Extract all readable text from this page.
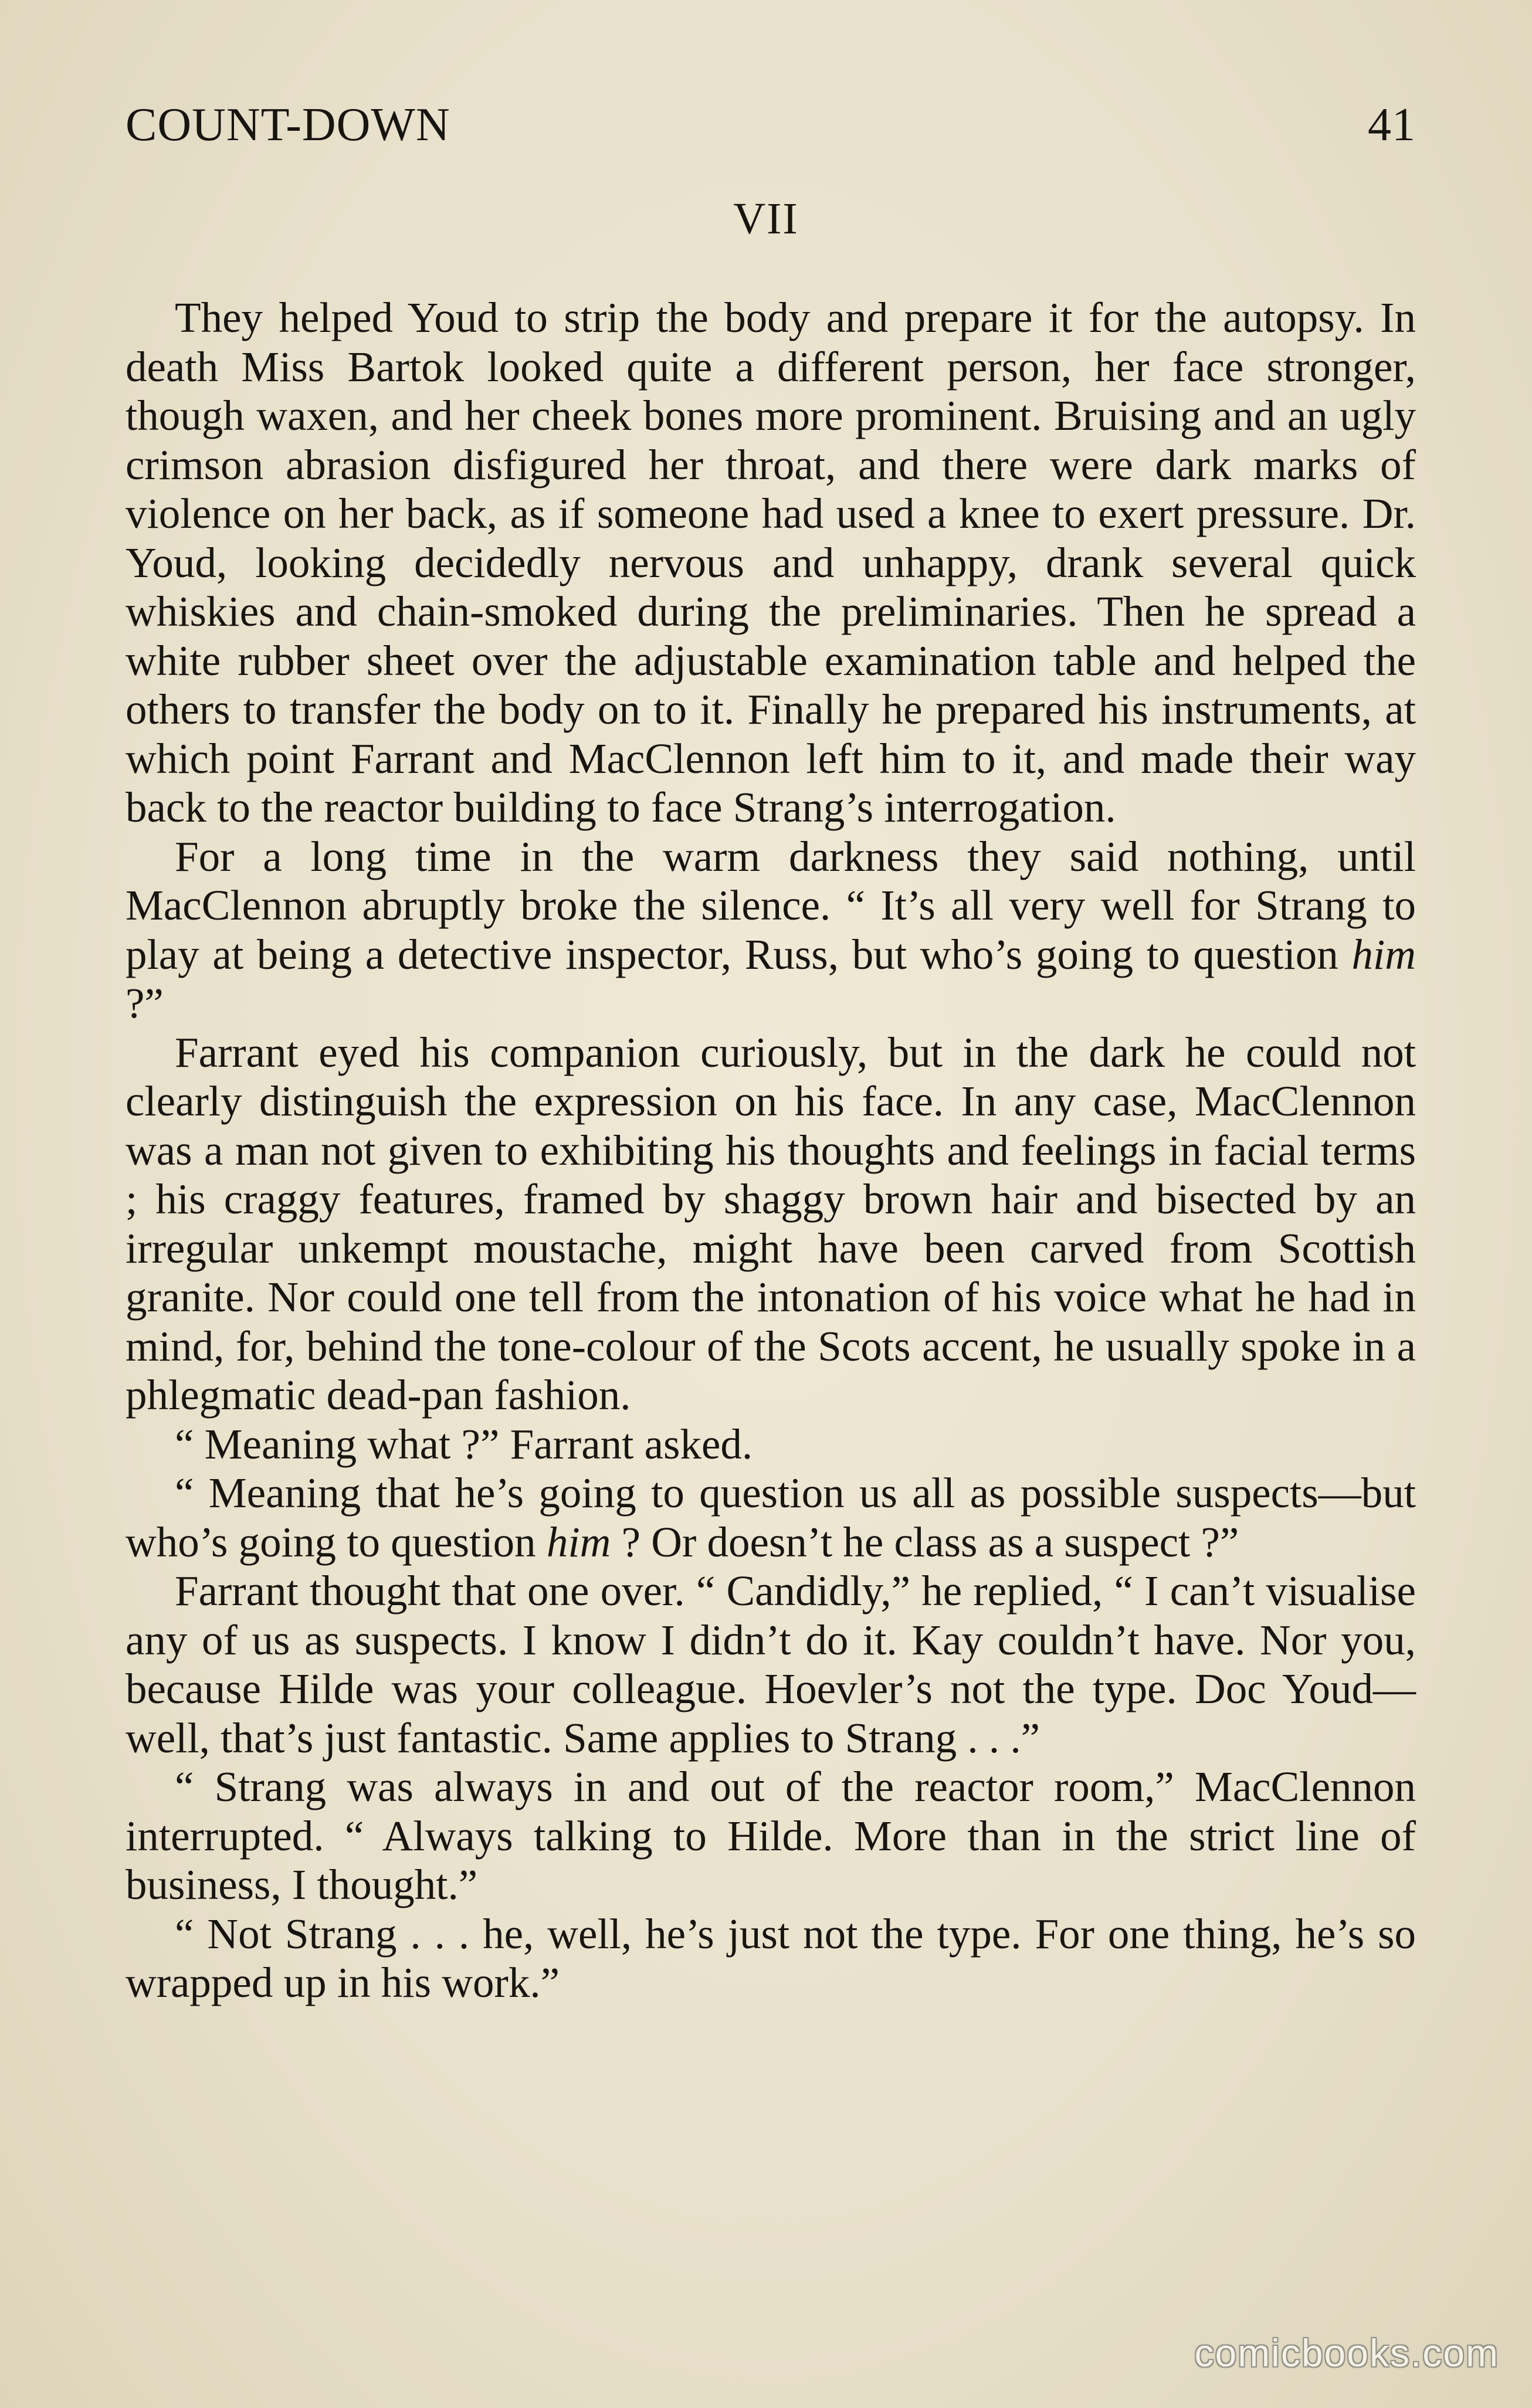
COUNT-DOWN	41
VII

They helped Youd to strip the body and prepare it for the autopsy. In death Miss Bartok looked quite a different person, her face stronger, though waxen, and her cheek bones more prominent. Bruising and an ugly crimson abrasion disfigured her throat, and there were dark marks of violence on her back, as if someone had used a knee to exert pressure. Dr. Youd, looking decidedly nervous and unhappy, drank several quick whiskies and chain-smoked during the preliminaries. Then he spread a white rubber sheet over the adjustable examination table and helped the others to transfer the body on to it. Finally he prepared his instruments, at which point Farrant and MacClennon left him to it, and made their way back to the reactor building to face Strang’s interrogation.

For a long time in the warm darkness they said nothing, until MacClennon abruptly broke the silence. “ It’s all very well for Strang to play at being a detective inspector, Russ, but who’s going to question him ?”

Farrant eyed his companion curiously, but in the dark he could not clearly distinguish the expression on his face. In any case, MacClennon was a man not given to exhibiting his thoughts and feelings in facial terms ; his craggy features, framed by shaggy brown hair and bisected by an irregular unkempt moustache, might have been carved from Scottish granite. Nor could one tell from the intonation of his voice what he had in mind, for, behind the tone-colour of the Scots accent, he usually spoke in a phlegmatic dead-pan fashion.

“ Meaning what ?” Farrant asked.

“ Meaning that he’s going to question us all as possible suspects—but who’s going to question him ? Or doesn’t he class as a suspect ?”

Farrant thought that one over. “ Candidly,” he replied, “ I can’t visualise any of us as suspects. I know I didn’t do it. Kay couldn’t have. Nor you, because Hilde was your colleague. Hoevler’s not the type. Doc Youd—well, that’s just fantastic. Same applies to Strang . . .”

“ Strang was always in and out of the reactor room,” MacClennon interrupted. “ Always talking to Hilde. More than in the strict line of business, I thought.”

“ Not Strang . . . he, well, he’s just not the type. For one thing, he’s so wrapped up in his work.”

comicbooks.com
